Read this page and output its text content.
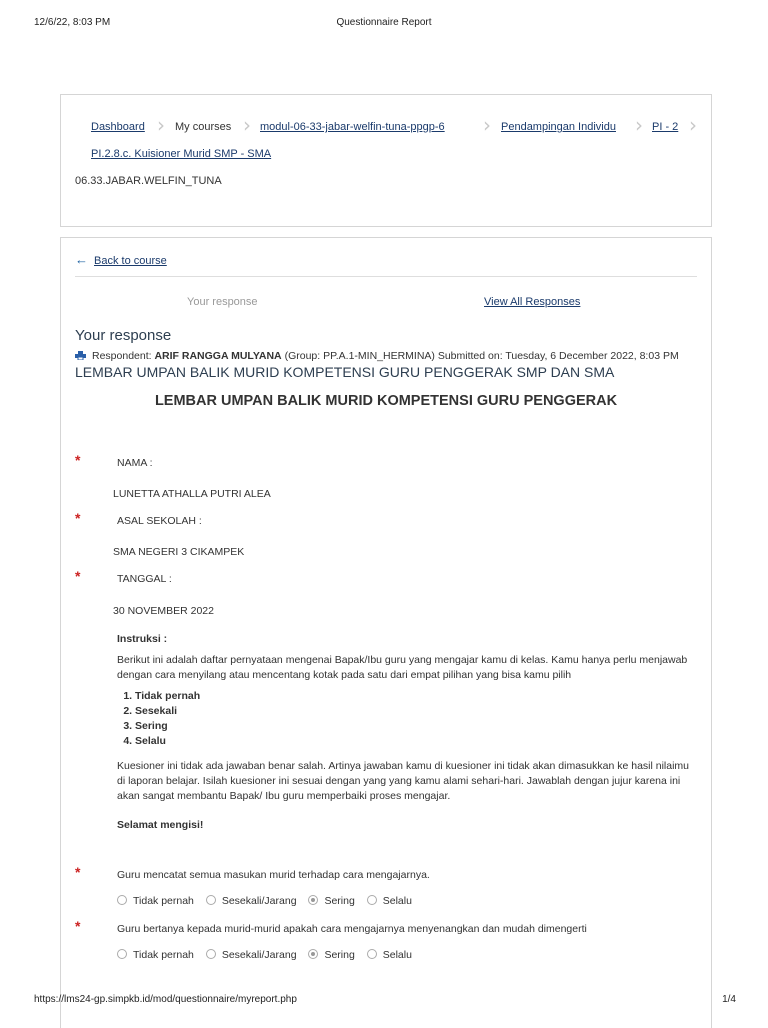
12/6/22, 8:03 PM	Questionnaire Report
Dashboard › My courses › modul-06-33-jabar-welfin-tuna-ppgp-6 › Pendampingan Individu › PI - 2 ›
PI.2.8.c. Kuisioner Murid SMP - SMA
06.33.JABAR.WELFIN_TUNA
← Back to course
Your response	View All Responses
Your response
Respondent: ARIF RANGGA MULYANA (Group: PP.A.1-MIN_HERMINA) Submitted on: Tuesday, 6 December 2022, 8:03 PM
LEMBAR UMPAN BALIK MURID KOMPETENSI GURU PENGGERAK SMP DAN SMA
LEMBAR UMPAN BALIK MURID KOMPETENSI GURU PENGGERAK
*	NAMA :
LUNETTA ATHALLA PUTRI ALEA
*	ASAL SEKOLAH :
SMA NEGERI 3 CIKAMPEK
*	TANGGAL :
30 NOVEMBER 2022

Instruksi :

Berikut ini adalah daftar pernyataan mengenai Bapak/Ibu guru yang mengajar kamu di kelas. Kamu hanya perlu menjawab dengan cara menyilang atau mencentang kotak pada satu dari empat pilihan yang bisa kamu pilih

1. Tidak pernah
2. Sesekali
3. Sering
4. Selalu

Kuesioner ini tidak ada jawaban benar salah. Artinya jawaban kamu di kuesioner ini tidak akan dimasukkan ke hasil nilaimu di laporan belajar. Isilah kuesioner ini sesuai dengan yang yang kamu alami sehari-hari. Jawablah dengan jujur karena ini akan sangat membantu Bapak/ Ibu guru memperbaiki proses mengajar.

Selamat mengisi!

*	Guru mencatat semua masukan murid terhadap cara mengajarnya.
Tidak pernah	Sesekali/Jarang	Sering	Selalu
*	Guru bertanya kepada murid-murid apakah cara mengajarnya menyenangkan dan mudah dimengerti
Tidak pernah	Sesekali/Jarang	Sering	Selalu
https://lms24-gp.simpkb.id/mod/questionnaire/myreport.php	1/4
